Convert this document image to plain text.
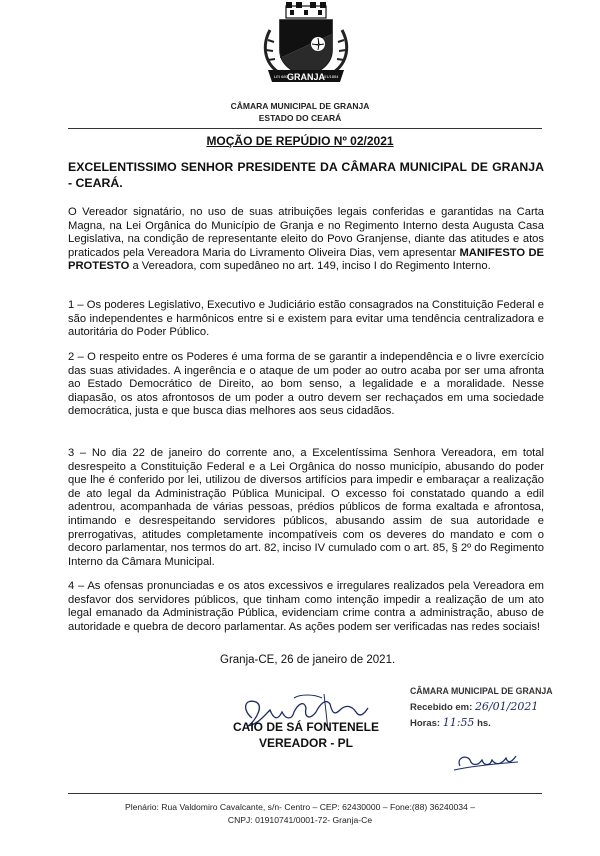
GRANJA
LEI 680	01/1854
CÂMARA MUNICIPAL DE GRANJA
ESTADO DO CEARÁ
MOÇÃO DE REPÚDIO Nº 02/2021
EXCELENTISSIMO SENHOR PRESIDENTE DA CÂMARA MUNICIPAL DE GRANJA - CEARÁ.
O Vereador signatário, no uso de suas atribuições legais conferidas e garantidas na Carta Magna, na Lei Orgânica do Município de Granja e no Regimento Interno desta Augusta Casa Legislativa, na condição de representante eleito do Povo Granjense, diante das atitudes e atos praticados pela Vereadora Maria do Livramento Oliveira Dias, vem apresentar MANIFESTO DE PROTESTO a Vereadora, com supedâneo no art. 149, inciso I do Regimento Interno.
1 – Os poderes Legislativo, Executivo e Judiciário estão consagrados na Constituição Federal e são independentes e harmônicos entre si e existem para evitar uma tendência centralizadora e autoritária do Poder Público.
2 – O respeito entre os Poderes é uma forma de se garantir a independência e o livre exercício das suas atividades. A ingerência e o ataque de um poder ao outro acaba por ser uma afronta ao Estado Democrático de Direito, ao bom senso, a legalidade e a moralidade. Nesse diapasão, os atos afrontosos de um poder a outro devem ser rechaçados em uma sociedade democrática, justa e que busca dias melhores aos seus cidadãos.
3 – No dia 22 de janeiro do corrente ano, a Excelentíssima Senhora Vereadora, em total desrespeito a Constituição Federal e a Lei Orgânica do nosso município, abusando do poder que lhe é conferido por lei, utilizou de diversos artifícios para impedir e embaraçar a realização de ato legal da Administração Pública Municipal. O excesso foi constatado quando a edil adentrou, acompanhada de várias pessoas, prédios públicos de forma exaltada e afrontosa, intimando e desrespeitando servidores públicos, abusando assim de sua autoridade e prerrogativas, atitudes completamente incompatíveis com os deveres do mandato e com o decoro parlamentar, nos termos do art. 82, inciso IV cumulado com o art. 85, § 2º do Regimento Interno da Câmara Municipal.
4 – As ofensas pronunciadas e os atos excessivos e irregulares realizados pela Vereadora em desfavor dos servidores públicos, que tinham como intenção impedir a realização de um ato legal emanado da Administração Pública, evidenciam crime contra a administração, abuso de autoridade e quebra de decoro parlamentar. As ações podem ser verificadas nas redes sociais!
Granja-CE, 26 de janeiro de 2021.
CAIO DE SÁ FONTENELE
VEREADOR - PL
CÂMARA MUNICIPAL DE GRANJA
Recebido em: 26/01/2021
Horas: 11:55 hs.
Plenário: Rua Valdomiro Cavalcante, s/n- Centro – CEP: 62430000 – Fone:(88) 36240034 –
CNPJ: 01910741/0001-72- Granja-Ce
